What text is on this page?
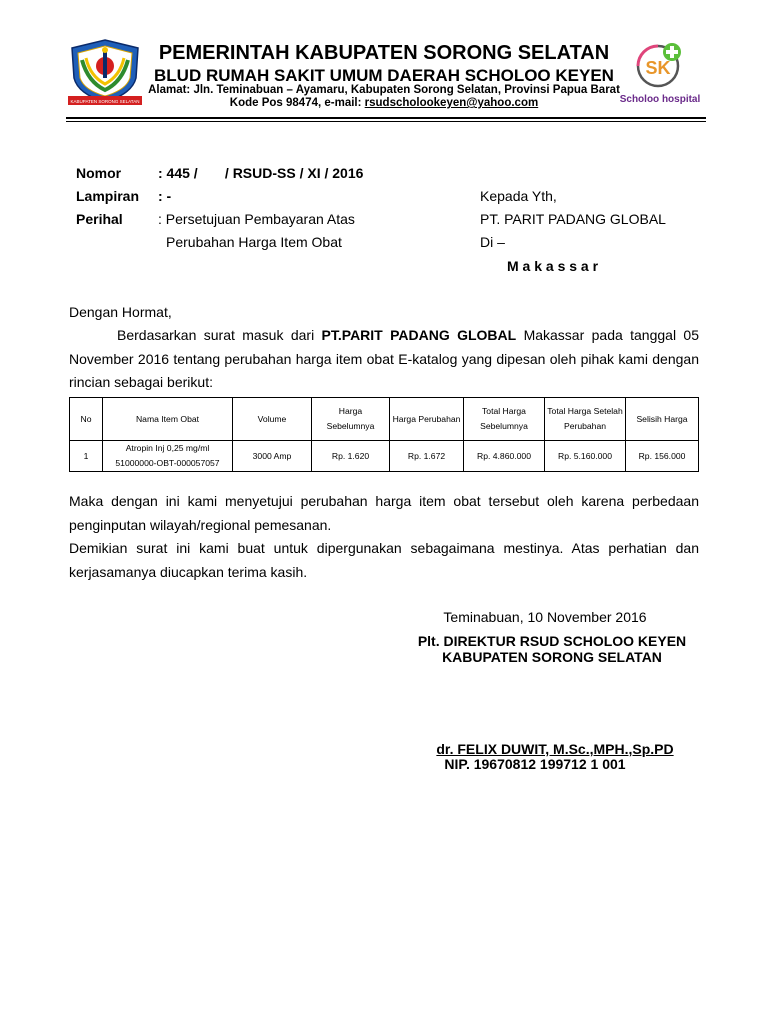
KABUPATEN SORONG SELATAN
SK
Scholoo hospital
PEMERINTAH KABUPATEN SORONG SELATAN
BLUD RUMAH SAKIT UMUM DAERAH SCHOLOO KEYEN
Alamat: Jln. Teminabuan – Ayamaru, Kabupaten Sorong Selatan, Provinsi Papua Barat
Kode Pos 98474, e-mail: rsudscholookeyen@yahoo.com
Nomor	: 445 /       / RSUD-SS / XI / 2016
Lampiran : -
Perihal	: Persetujuan Pembayaran Atas
Perubahan Harga Item Obat
Kepada Yth,
PT. PARIT PADANG GLOBAL
Di –
M a k a s s a r
Dengan Hormat,
Berdasarkan surat masuk dari PT.PARIT PADANG GLOBAL Makassar pada tanggal 05
November 2016 tentang perubahan harga item obat E-katalog yang dipesan oleh pihak kami dengan
rincian sebagai berikut:
No	Nama Item Obat	Volume	Harga Sebelumnya	Harga Perubahan	Total Harga Sebelumnya	Total Harga Setelah Perubahan	Selisih Harga
1	Atropin Inj 0,25 mg/ml
51000000-OBT-000057057	3000 Amp	Rp. 1.620	Rp. 1.672	Rp. 4.860.000	Rp. 5.160.000	Rp. 156.000
Maka dengan ini kami menyetujui perubahan harga item obat tersebut oleh karena perbedaan
penginputan wilayah/regional pemesanan.
Demikian surat ini kami buat untuk dipergunakan sebagaimana mestinya. Atas perhatian dan
kerjasamanya diucapkan terima kasih.
Teminabuan, 10 November 2016
Plt. DIREKTUR RSUD SCHOLOO KEYEN
KABUPATEN SORONG SELATAN
dr. FELIX DUWIT, M.Sc.,MPH.,Sp.PD
NIP. 19670812 199712 1 001
